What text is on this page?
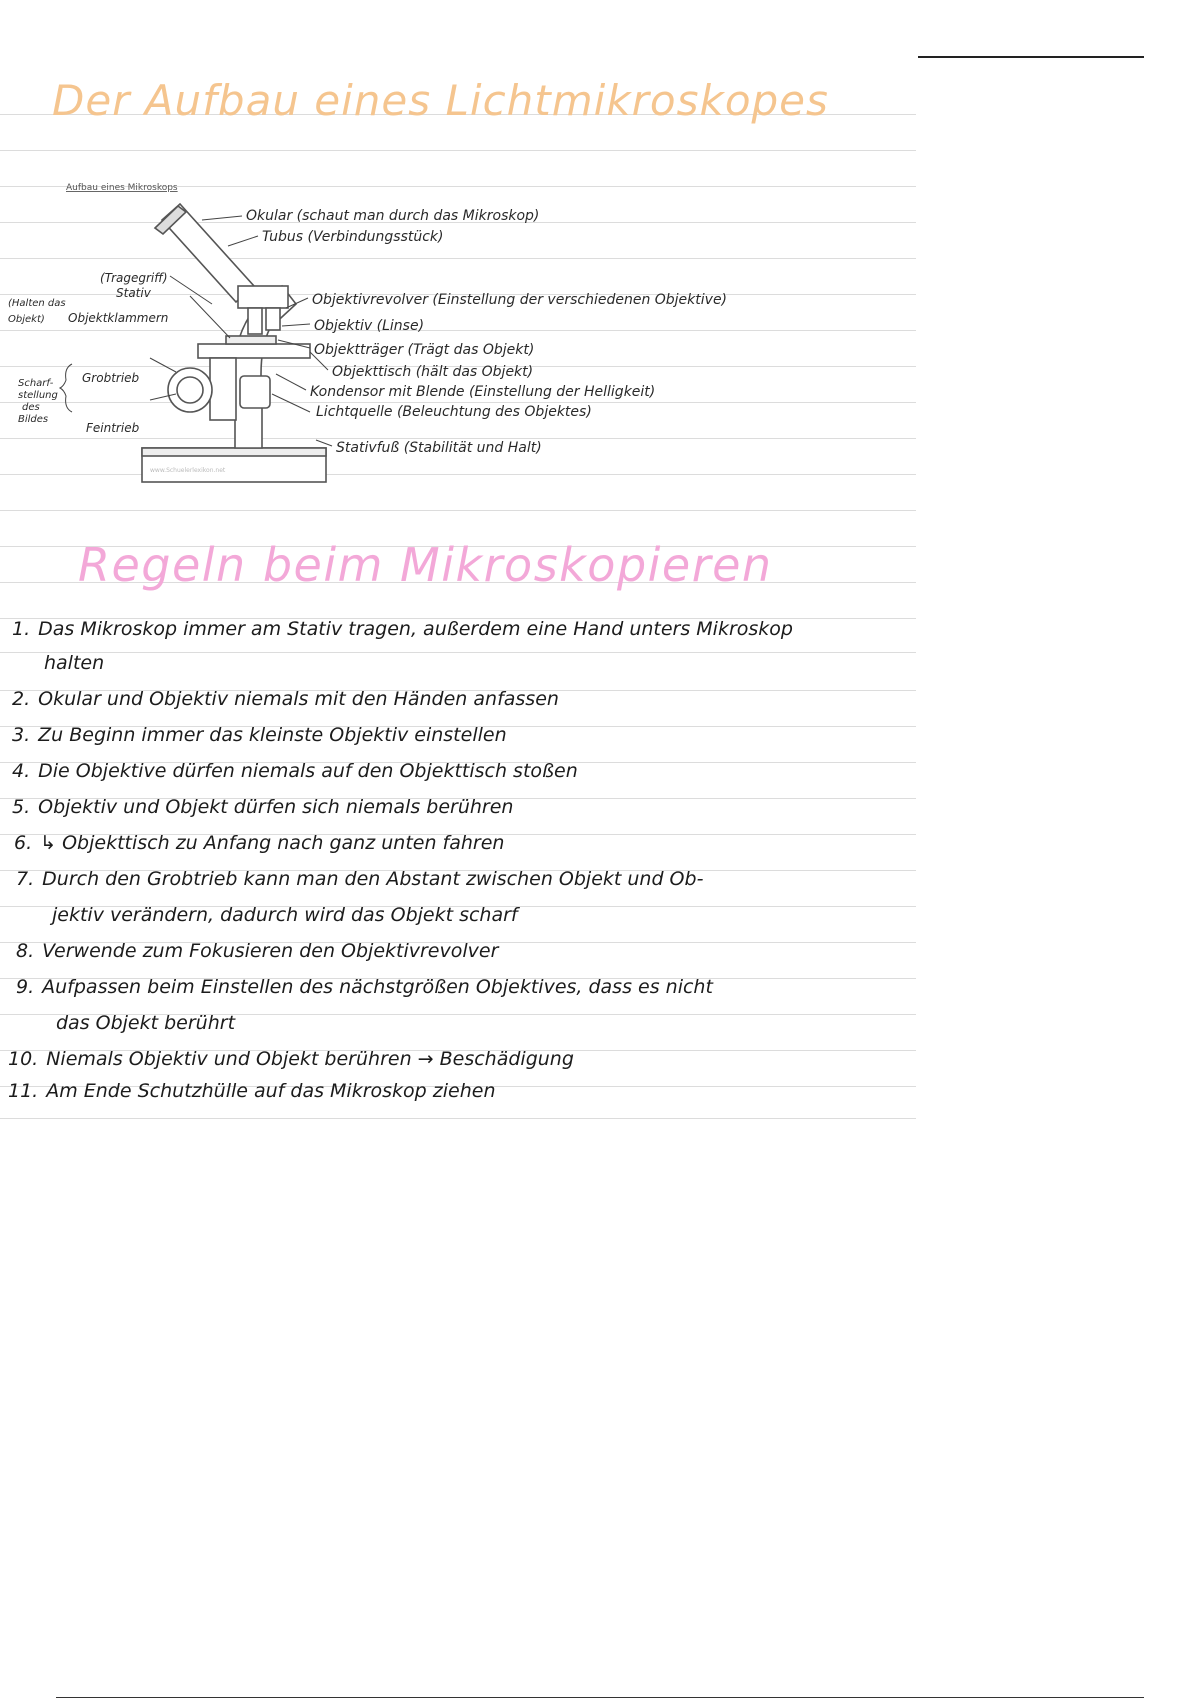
Der Aufbau eines Lichtmikroskopes
Aufbau eines Mikroskops
www.Schuelerlexikon.net
Okular (schaut man durch das Mikroskop)
Tubus (Verbindungsstück)
Objektivrevolver (Einstellung der verschiedenen Objektive)
Objektiv (Linse)
Objektträger (Trägt das Objekt)
Objekttisch (hält das Objekt)
Kondensor mit Blende (Einstellung der Helligkeit)
Lichtquelle (Beleuchtung des Objektes)
Stativfuß (Stabilität und Halt)
(Tragegriff)
Stativ
(Halten das
Objekt) Objektklammern
Scharf-
stellung
des
Bildes
Grobtrieb
Feintrieb
Regeln beim Mikroskopieren
1. Das Mikroskop immer am Stativ tragen, außerdem eine Hand unters Mikroskop
halten
2. Okular und Objektiv niemals mit den Händen anfassen
3. Zu Beginn immer das kleinste Objektiv einstellen
4. Die Objektive dürfen niemals auf den Objekttisch stoßen
5. Objektiv und Objekt dürfen sich niemals berühren
6. ↳ Objekttisch zu Anfang nach ganz unten fahren
7. Durch den Grobtrieb kann man den Abstant zwischen Objekt und Ob-
jektiv verändern, dadurch wird das Objekt scharf
8. Verwende zum Fokusieren den Objektivrevolver
9. Aufpassen beim Einstellen des nächstgrößen Objektives, dass es nicht
das Objekt berührt
10. Niemals Objektiv und Objekt berühren → Beschädigung
11. Am Ende Schutzhülle auf das Mikroskop ziehen
